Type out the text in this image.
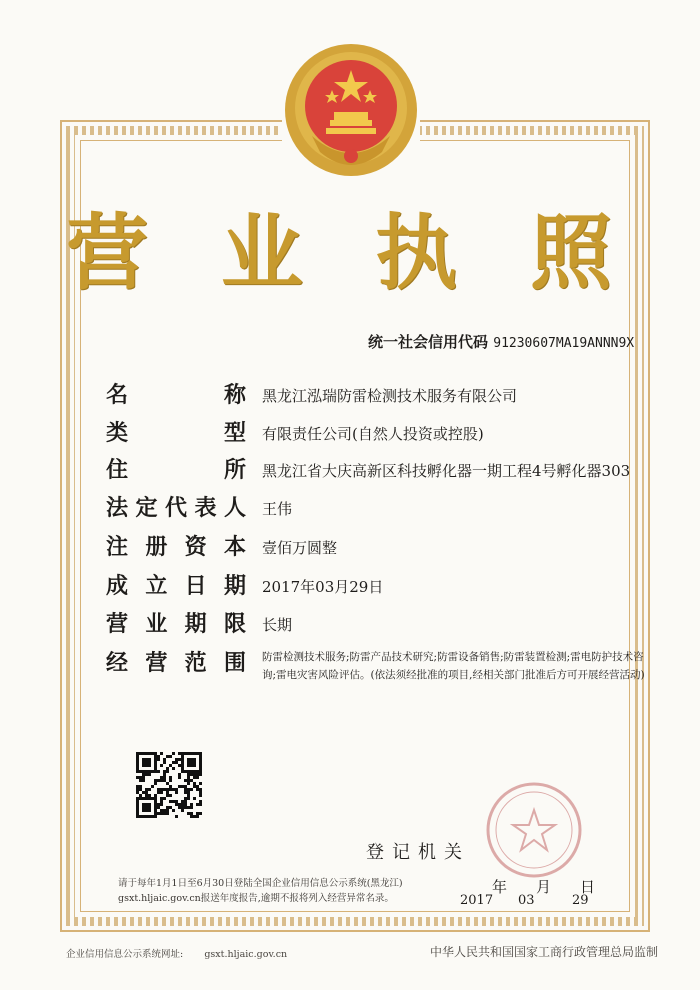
营 业 执 照
统一社会信用代码 91230607MA19ANNN9X
名	称 黑龙江泓瑞防雷检测技术服务有限公司
类	型 有限责任公司(自然人投资或控股)
住	所 黑龙江省大庆高新区科技孵化器一期工程4号孵化器303
法 定 代 表 人 王伟
注 册 资 本 壹佰万圆整
成 立 日 期 2017年03月29日
营 业 期 限 长期
经 营 范 围 防雷检测技术服务;防雷产品技术研究;防雷设备销售;防雷装置检测;雷电防护技术咨
询;雷电灾害风险评估。(依法须经批准的项目,经相关部门批准后方可开展经营活动)
登记机关
请于每年1月1日至6月30日登陆全国企业信用信息公示系统(黑龙江)
gsxt.hljaic.gov.cn报送年度报告,逾期不报将列入经营异常名录。
年 月 日
2017 03	29
企业信用信息公示系统网址: gsxt.hljaic.gov.cn	中华人民共和国国家工商行政管理总局监制
